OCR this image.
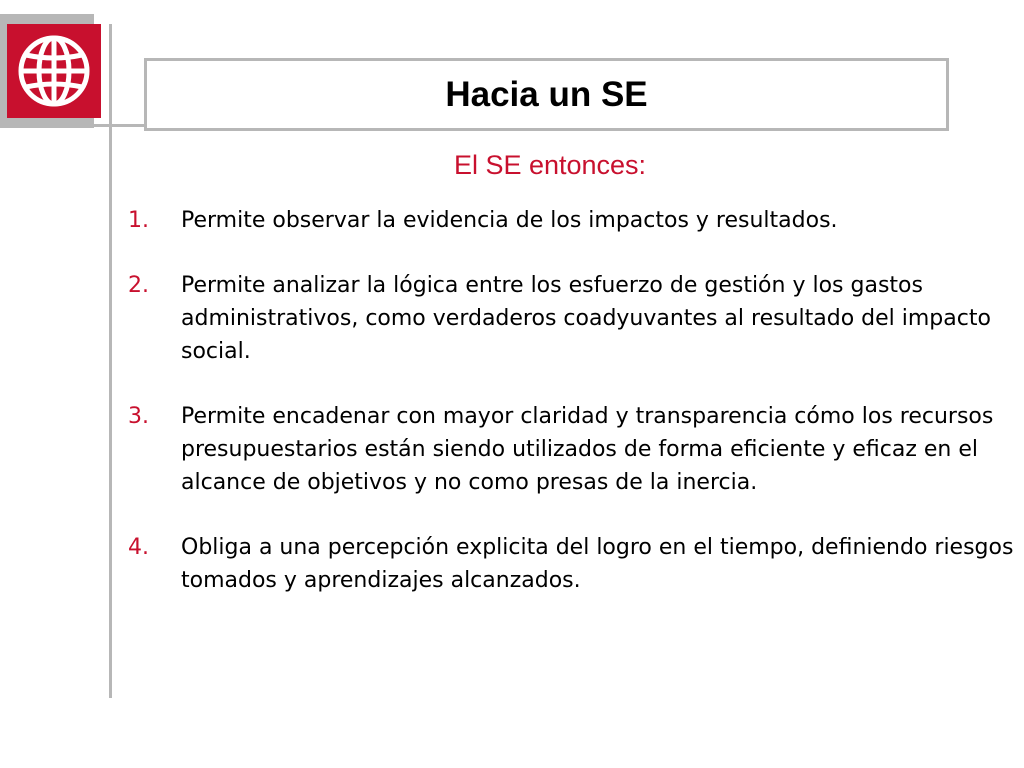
Hacia un SE
El SE entonces:
1. Permite observar la evidencia de los impactos y resultados.
2. Permite analizar la lógica entre los esfuerzo de gestión y los gastos administrativos, como verdaderos coadyuvantes al resultado del impacto social.
3. Permite encadenar con mayor claridad y transparencia cómo los recursos presupuestarios están siendo utilizados de forma eficiente y eficaz en el alcance de objetivos y no como presas de la inercia.
4. Obliga a una percepción explicita del logro en el tiempo, definiendo riesgos tomados y aprendizajes alcanzados.
